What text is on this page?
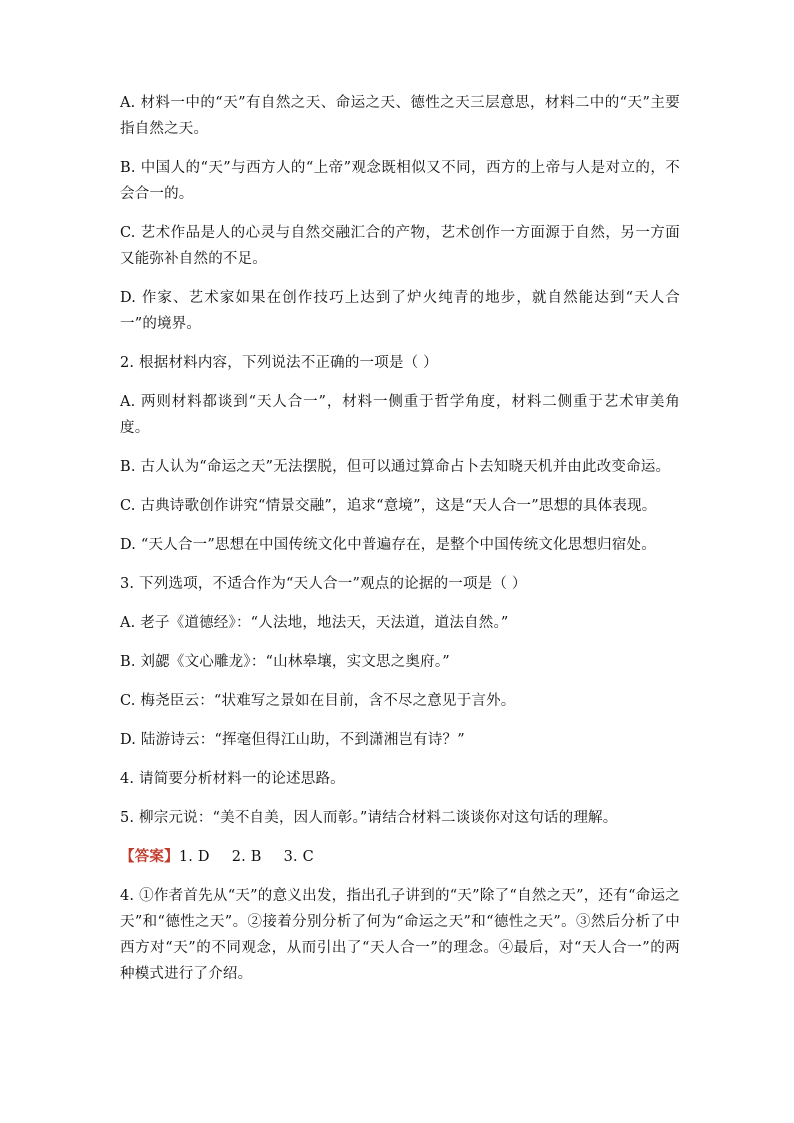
A. 材料一中的“天”有自然之天、命运之天、德性之天三层意思，材料二中的“天”主要指自然之天。

B. 中国人的“天”与西方人的“上帝”观念既相似又不同，西方的上帝与人是对立的，不会合一的。

C. 艺术作品是人的心灵与自然交融汇合的产物，艺术创作一方面源于自然，另一方面又能弥补自然的不足。

D. 作家、艺术家如果在创作技巧上达到了炉火纯青的地步，就自然能达到“天人合一”的境界。

2. 根据材料内容，下列说法不正确的一项是（ ）

A. 两则材料都谈到“天人合一”，材料一侧重于哲学角度，材料二侧重于艺术审美角度。

B. 古人认为“命运之天”无法摆脱，但可以通过算命占卜去知晓天机并由此改变命运。

C. 古典诗歌创作讲究“情景交融”，追求“意境”，这是“天人合一”思想的具体表现。

D. “天人合一”思想在中国传统文化中普遍存在，是整个中国传统文化思想归宿处。

3. 下列选项，不适合作为“天人合一”观点的论据的一项是（ ）

A. 老子《道德经》：“人法地，地法天，天法道，道法自然。”

B. 刘勰《文心雕龙》：“山林皋壤，实文思之奥府。”

C. 梅尧臣云：“状难写之景如在目前，含不尽之意见于言外。

D. 陆游诗云：“挥毫但得江山助，不到潇湘岂有诗？”

4. 请简要分析材料一的论述思路。

5. 柳宗元说：“美不自美，因人而彰。”请结合材料二谈谈你对这句话的理解。

【答案】1. D 2. B 3. C

4. ①作者首先从“天”的意义出发，指出孔子讲到的“天”除了“自然之天”，还有“命运之天”和“德性之天”。②接着分别分析了何为“命运之天”和“德性之天”。③然后分析了中西方对“天”的不同观念，从而引出了“天人合一”的理念。④最后，对“天人合一”的两种模式进行了介绍。
